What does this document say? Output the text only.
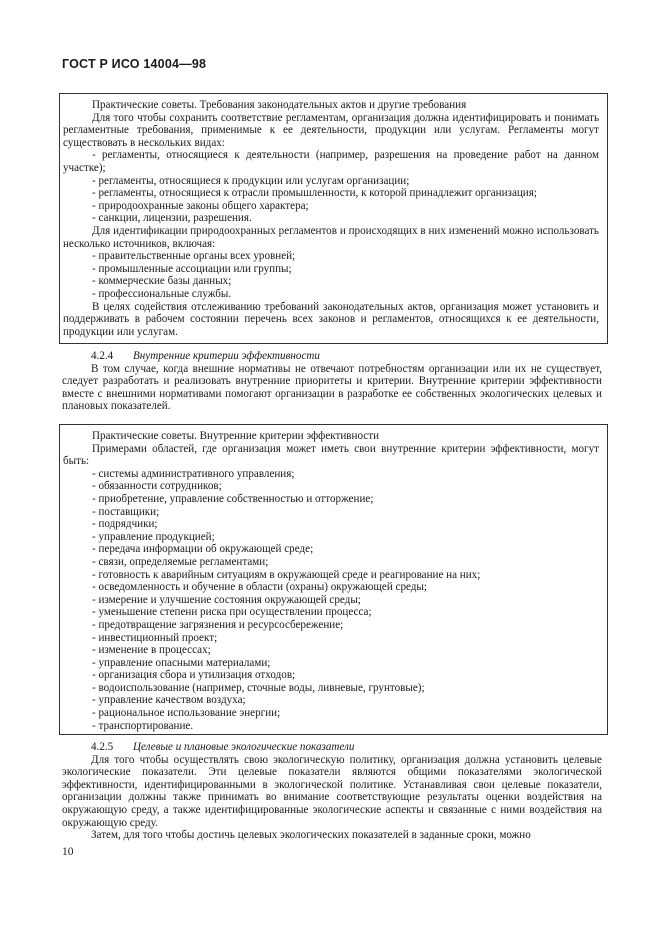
ГОСТ Р ИСО 14004—98

Практические советы. Требования законодательных актов и другие требования

Для того чтобы сохранить соответствие регламентам, организация должна идентифицировать и понимать регламентные требования, применимые к ее деятельности, продукции или услугам. Регламенты могут существовать в нескольких видах:

- регламенты, относящиеся к деятельности (например, разрешения на проведение работ на данном участке);

- регламенты, относящиеся к продукции или услугам организации;

- регламенты, относящиеся к отрасли промышленности, к которой принадлежит организация;

- природоохранные законы общего характера;

- санкции, лицензии, разрешения.

Для идентификации природоохранных регламентов и происходящих в них изменений можно использовать несколько источников, включая:

- правительственные органы всех уровней;

- промышленные ассоциации или группы;

- коммерческие базы данных;

- профессиональные службы.

В целях содействия отслеживанию требований законодательных актов, организация может установить и поддерживать в рабочем состоянии перечень всех законов и регламентов, относящихся к ее деятельности, продукции или услугам.

4.2.4 Внутренние критерии эффективности

В том случае, когда внешние нормативы не отвечают потребностям организации или их не существует, следует разработать и реализовать внутренние приоритеты и критерии. Внутренние критерии эффективности вместе с внешними нормативами помогают организации в разработке ее собственных экологических целевых и плановых показателей.

Практические советы. Внутренние критерии эффективности

Примерами областей, где организация может иметь свои внутренние критерии эффективности, могут быть:

- системы административного управления;

- обязанности сотрудников;

- приобретение, управление собственностью и отторжение;

- поставщики;

- подрядчики;

- управление продукцией;

- передача информации об окружающей среде;

- связи, определяемые регламентами;

- готовность к аварийным ситуациям в окружающей среде и реагирование на них;

- осведомленность и обучение в области (охраны) окружающей среды;

- измерение и улучшение состояния окружающей среды;

- уменьшение степени риска при осуществлении процесса;

- предотвращение загрязнения и ресурсосбережение;

- инвестиционный проект;

- изменение в процессах;

- управление опасными материалами;

- организация сбора и утилизация отходов;

- водоиспользование (например, сточные воды, ливневые, грунтовые);

- управление качеством воздуха;

- рациональное использование энергии;

- транспортирование.

4.2.5 Целевые и плановые экологические показатели

Для того чтобы осуществлять свою экологическую политику, организация должна установить целевые экологические показатели. Эти целевые показатели являются общими показателями экологической эффективности, идентифицированными в экологической политике. Устанавливая свои целевые показатели, организации должны также принимать во внимание соответствующие результаты оценки воздействия на окружающую среду, а также идентифицированные экологические аспекты и связанные с ними воздействия на окружающую среду.

Затем, для того чтобы достичь целевых экологических показателей в заданные сроки, можно

10
